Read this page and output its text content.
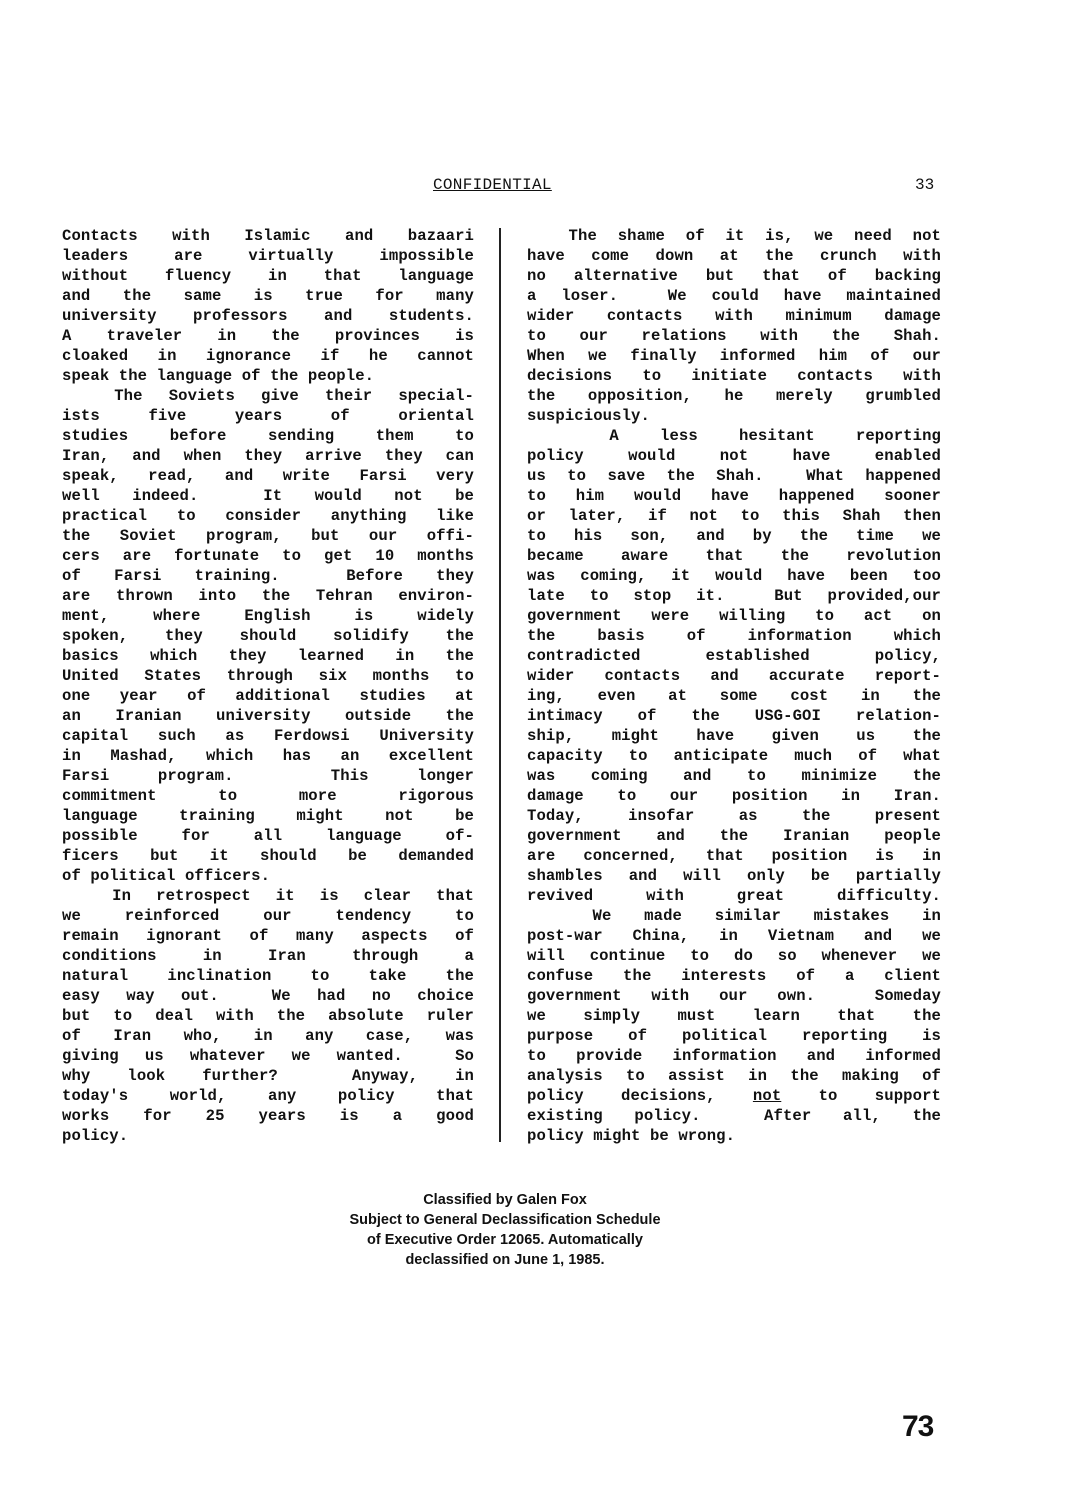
CONFIDENTIAL	33
Contacts with Islamic and bazaari
leaders are virtually impossible
without fluency in that language
and the same is true for many
university professors and students.
A traveler in the provinces is
cloaked in ignorance if he cannot
speak the language of the people.
The Soviets give their special-
ists five years of oriental
studies before sending them to
Iran, and when they arrive they can
speak, read, and write Farsi very
well indeed.  It would not be
practical to consider anything like
the Soviet program, but our offi-
cers are fortunate to get 10 months
of Farsi training.  Before they
are thrown into the Tehran environ-
ment, where English is widely
spoken, they should solidify the
basics which they learned in the
United States through six months to
one year of additional studies at
an Iranian university outside the
capital such as Ferdowsi University
in Mashad, which has an excellent
Farsi program.  This longer
commitment to more rigorous
language training might not be
possible for all language of-
ficers but it should be demanded
of political officers.
In retrospect it is clear that
we reinforced our tendency to
remain ignorant of many aspects of
conditions in Iran through a
natural inclination to take the
easy way out.  We had no choice
but to deal with the absolute ruler
of Iran who, in any case, was
giving us whatever we wanted.  So
why look further?  Anyway, in
today's world, any policy that
works for 25 years is a good
policy.
The shame of it is, we need not
have come down at the crunch with
no alternative but that of backing
a loser.  We could have maintained
wider contacts with minimum damage
to our relations with the Shah.
When we finally informed him of our
decisions to initiate contacts with
the opposition, he merely grumbled
suspiciously.
A less hesitant reporting
policy would not have enabled
us to save the Shah.  What happened
to him would have happened sooner
or later, if not to this Shah then
to his son, and by the time we
became aware that the revolution
was coming, it would have been too
late to stop it.  But provided,our
government were willing to act on
the basis of information which
contradicted established policy,
wider contacts and accurate report-
ing, even at some cost in the
intimacy of the USG-GOI relation-
ship, might have given us the
capacity to anticipate much of what
was coming and to minimize the
damage to our position in Iran.
Today, insofar as the present
government and the Iranian people
are concerned, that position is in
shambles and will only be partially
revived with great difficulty.
We made similar mistakes in
post-war China, in Vietnam and we
will continue to do so whenever we
confuse the interests of a client
government with our own.  Someday
we simply must learn that the
purpose of political reporting is
to provide information and informed
analysis to assist in the making of
policy decisions, not to support
existing policy.  After all, the
policy might be wrong.
Classified by Galen Fox
Subject to General Declassification Schedule
of Executive Order 12065. Automatically
declassified on June 1, 1985.
73
